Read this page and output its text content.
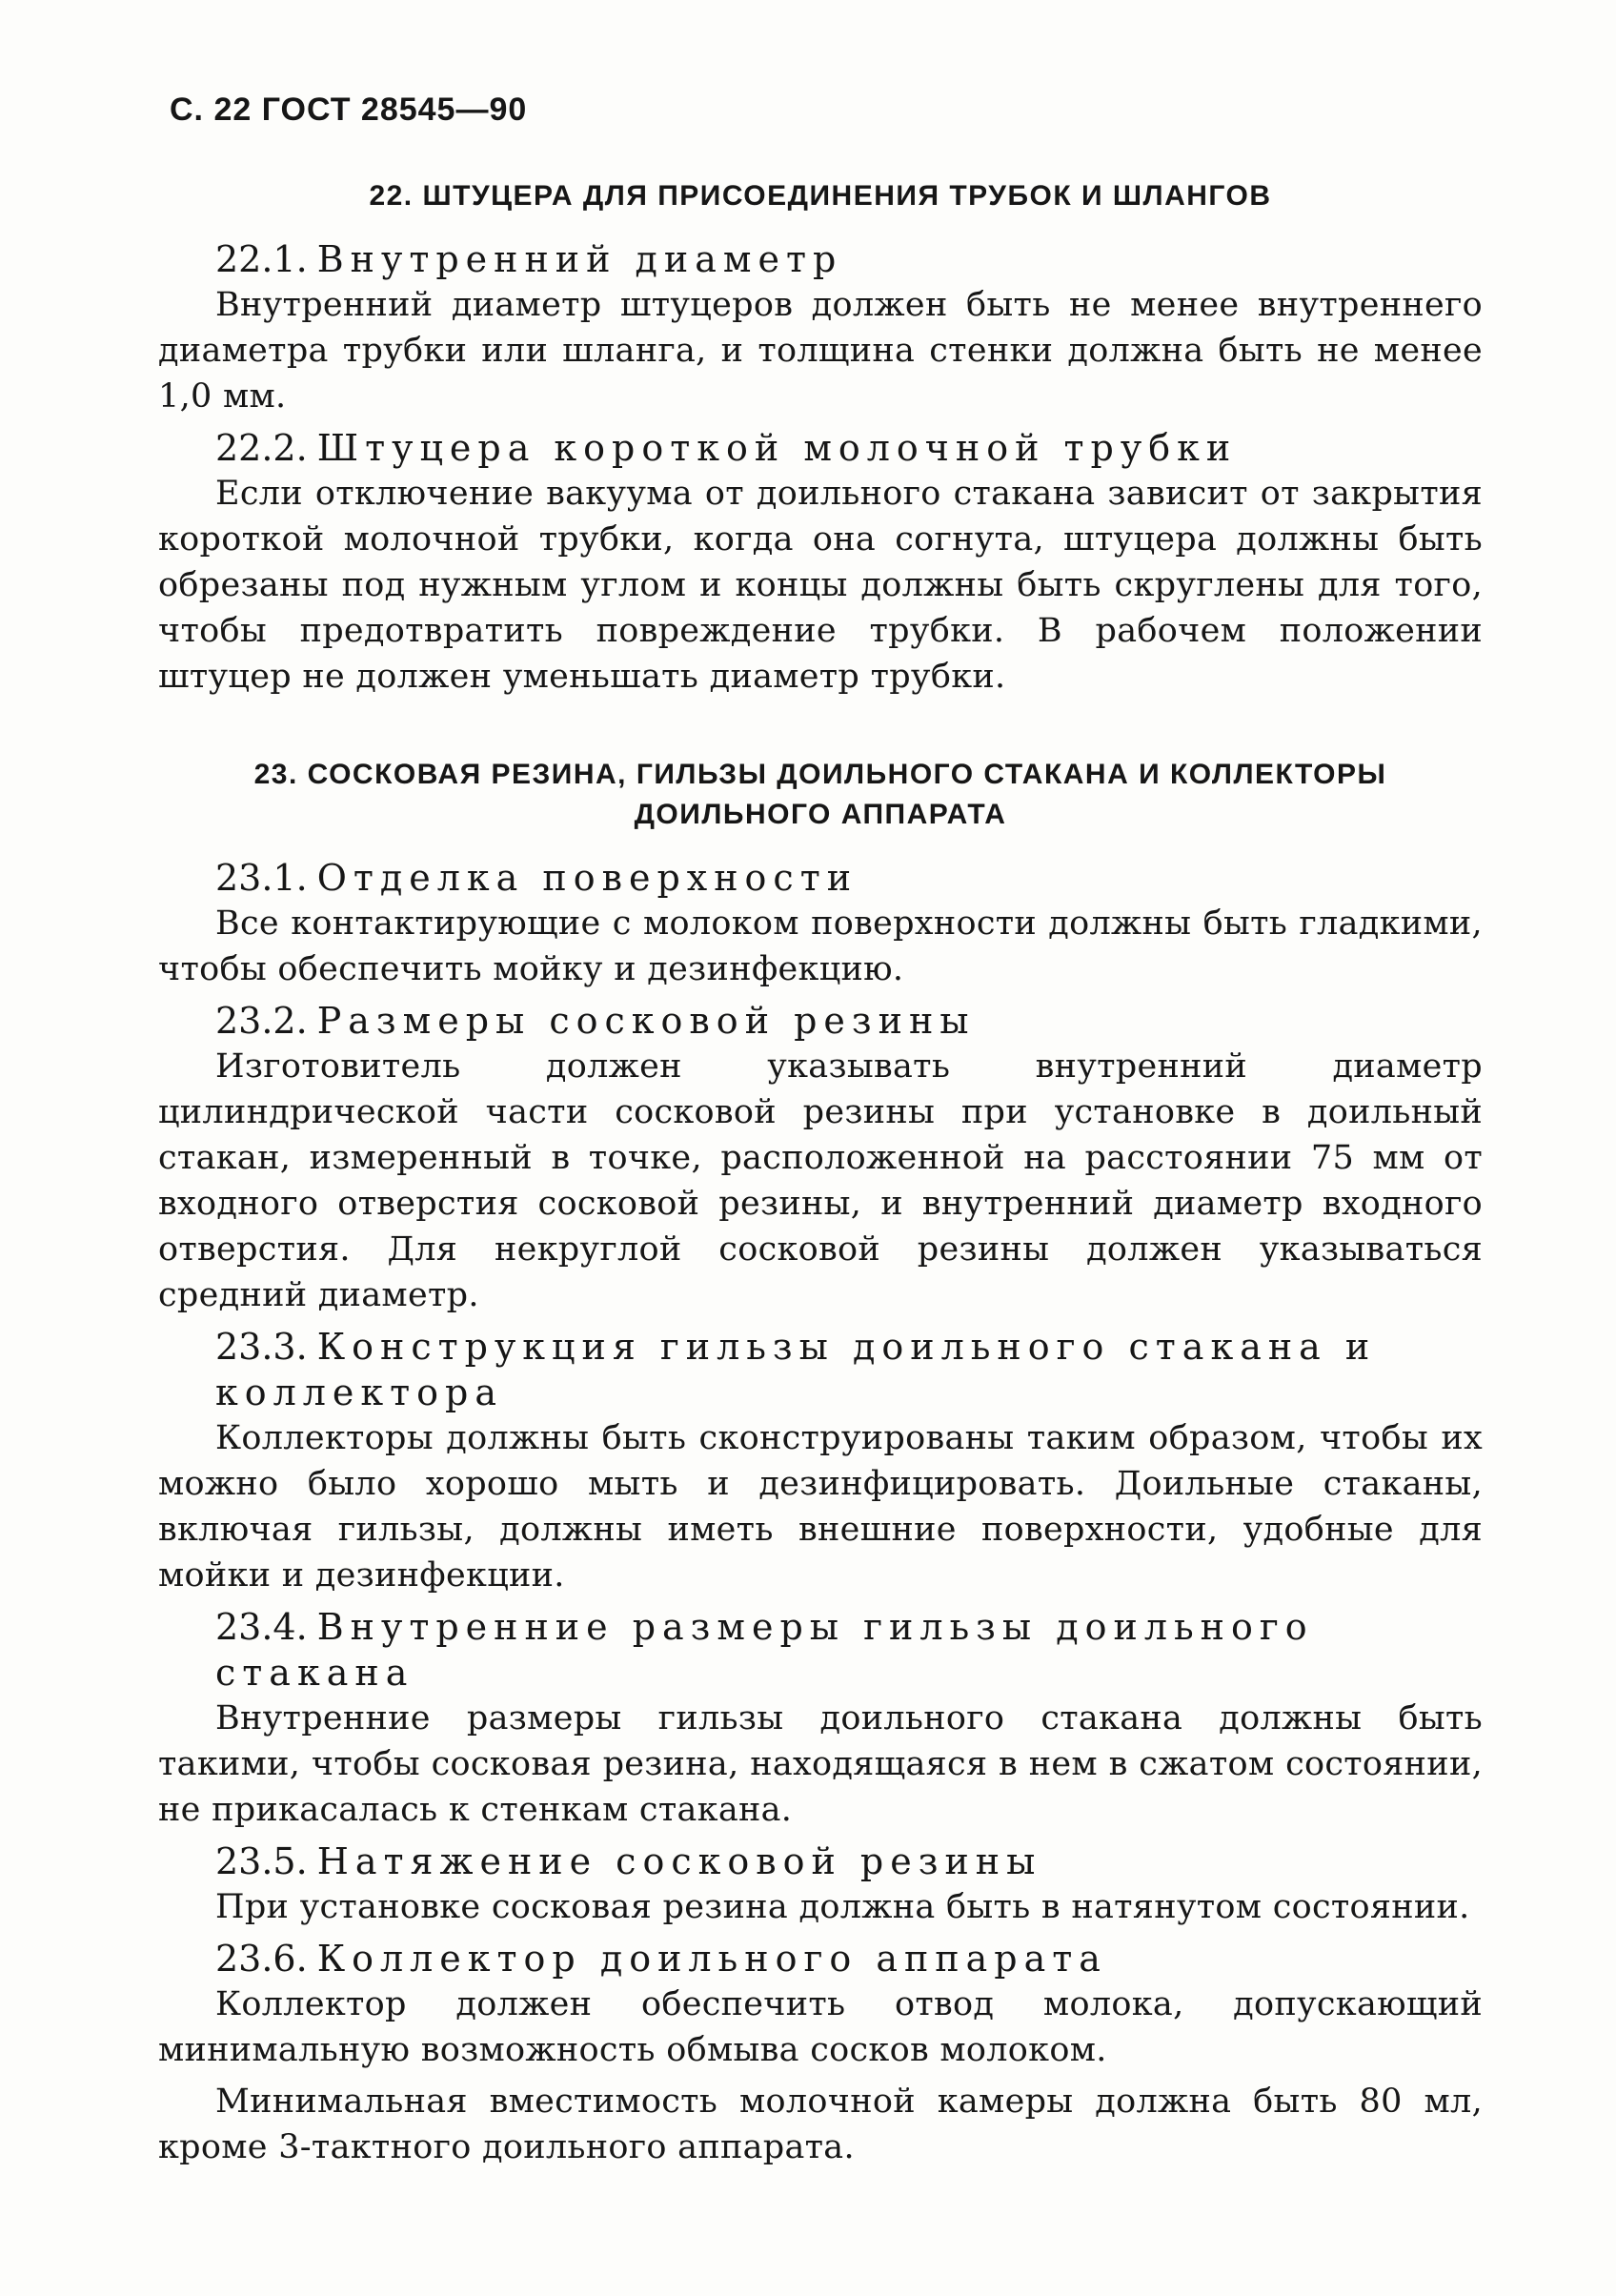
С. 22 ГОСТ 28545—90
22. ШТУЦЕРА ДЛЯ ПРИСОЕДИНЕНИЯ ТРУБОК И ШЛАНГОВ

22.1. Внутренний диаметр

Внутренний диаметр штуцеров должен быть не менее внутреннего диаметра трубки или шланга, и толщина стенки должна быть не менее 1,0 мм.

22.2. Штуцера короткой молочной трубки

Если отключение вакуума от доильного стакана зависит от закрытия короткой молочной трубки, когда она согнута, штуцера должны быть обрезаны под нужным углом и концы должны быть скруглены для того, чтобы предотвратить повреждение трубки. В рабочем положении штуцер не должен уменьшать диаметр трубки.

23. СОСКОВАЯ РЕЗИНА, ГИЛЬЗЫ ДОИЛЬНОГО СТАКАНА И КОЛЛЕКТОРЫ ДОИЛЬНОГО АППАРАТА

23.1. Отделка поверхности

Все контактирующие с молоком поверхности должны быть гладкими, чтобы обеспечить мойку и дезинфекцию.

23.2. Размеры сосковой резины

Изготовитель должен указывать внутренний диаметр цилиндрической части сосковой резины при установке в доильный стакан, измеренный в точке, расположенной на расстоянии 75 мм от входного отверстия сосковой резины, и внутренний диаметр входного отверстия. Для некруглой сосковой резины должен указываться средний диаметр.

23.3. Конструкция гильзы доильного стакана и коллектора

Коллекторы должны быть сконструированы таким образом, чтобы их можно было хорошо мыть и дезинфицировать. Доильные стаканы, включая гильзы, должны иметь внешние поверхности, удобные для мойки и дезинфекции.

23.4. Внутренние размеры гильзы доильного стакана

Внутренние размеры гильзы доильного стакана должны быть такими, чтобы сосковая резина, находящаяся в нем в сжатом состоянии, не прикасалась к стенкам стакана.

23.5. Натяжение сосковой резины

При установке сосковая резина должна быть в натянутом состоянии.

23.6. Коллектор доильного аппарата

Коллектор должен обеспечить отвод молока, допускающий минимальную возможность обмыва сосков молоком.

Минимальная вместимость молочной камеры должна быть 80 мл, кроме 3-тактного доильного аппарата.
